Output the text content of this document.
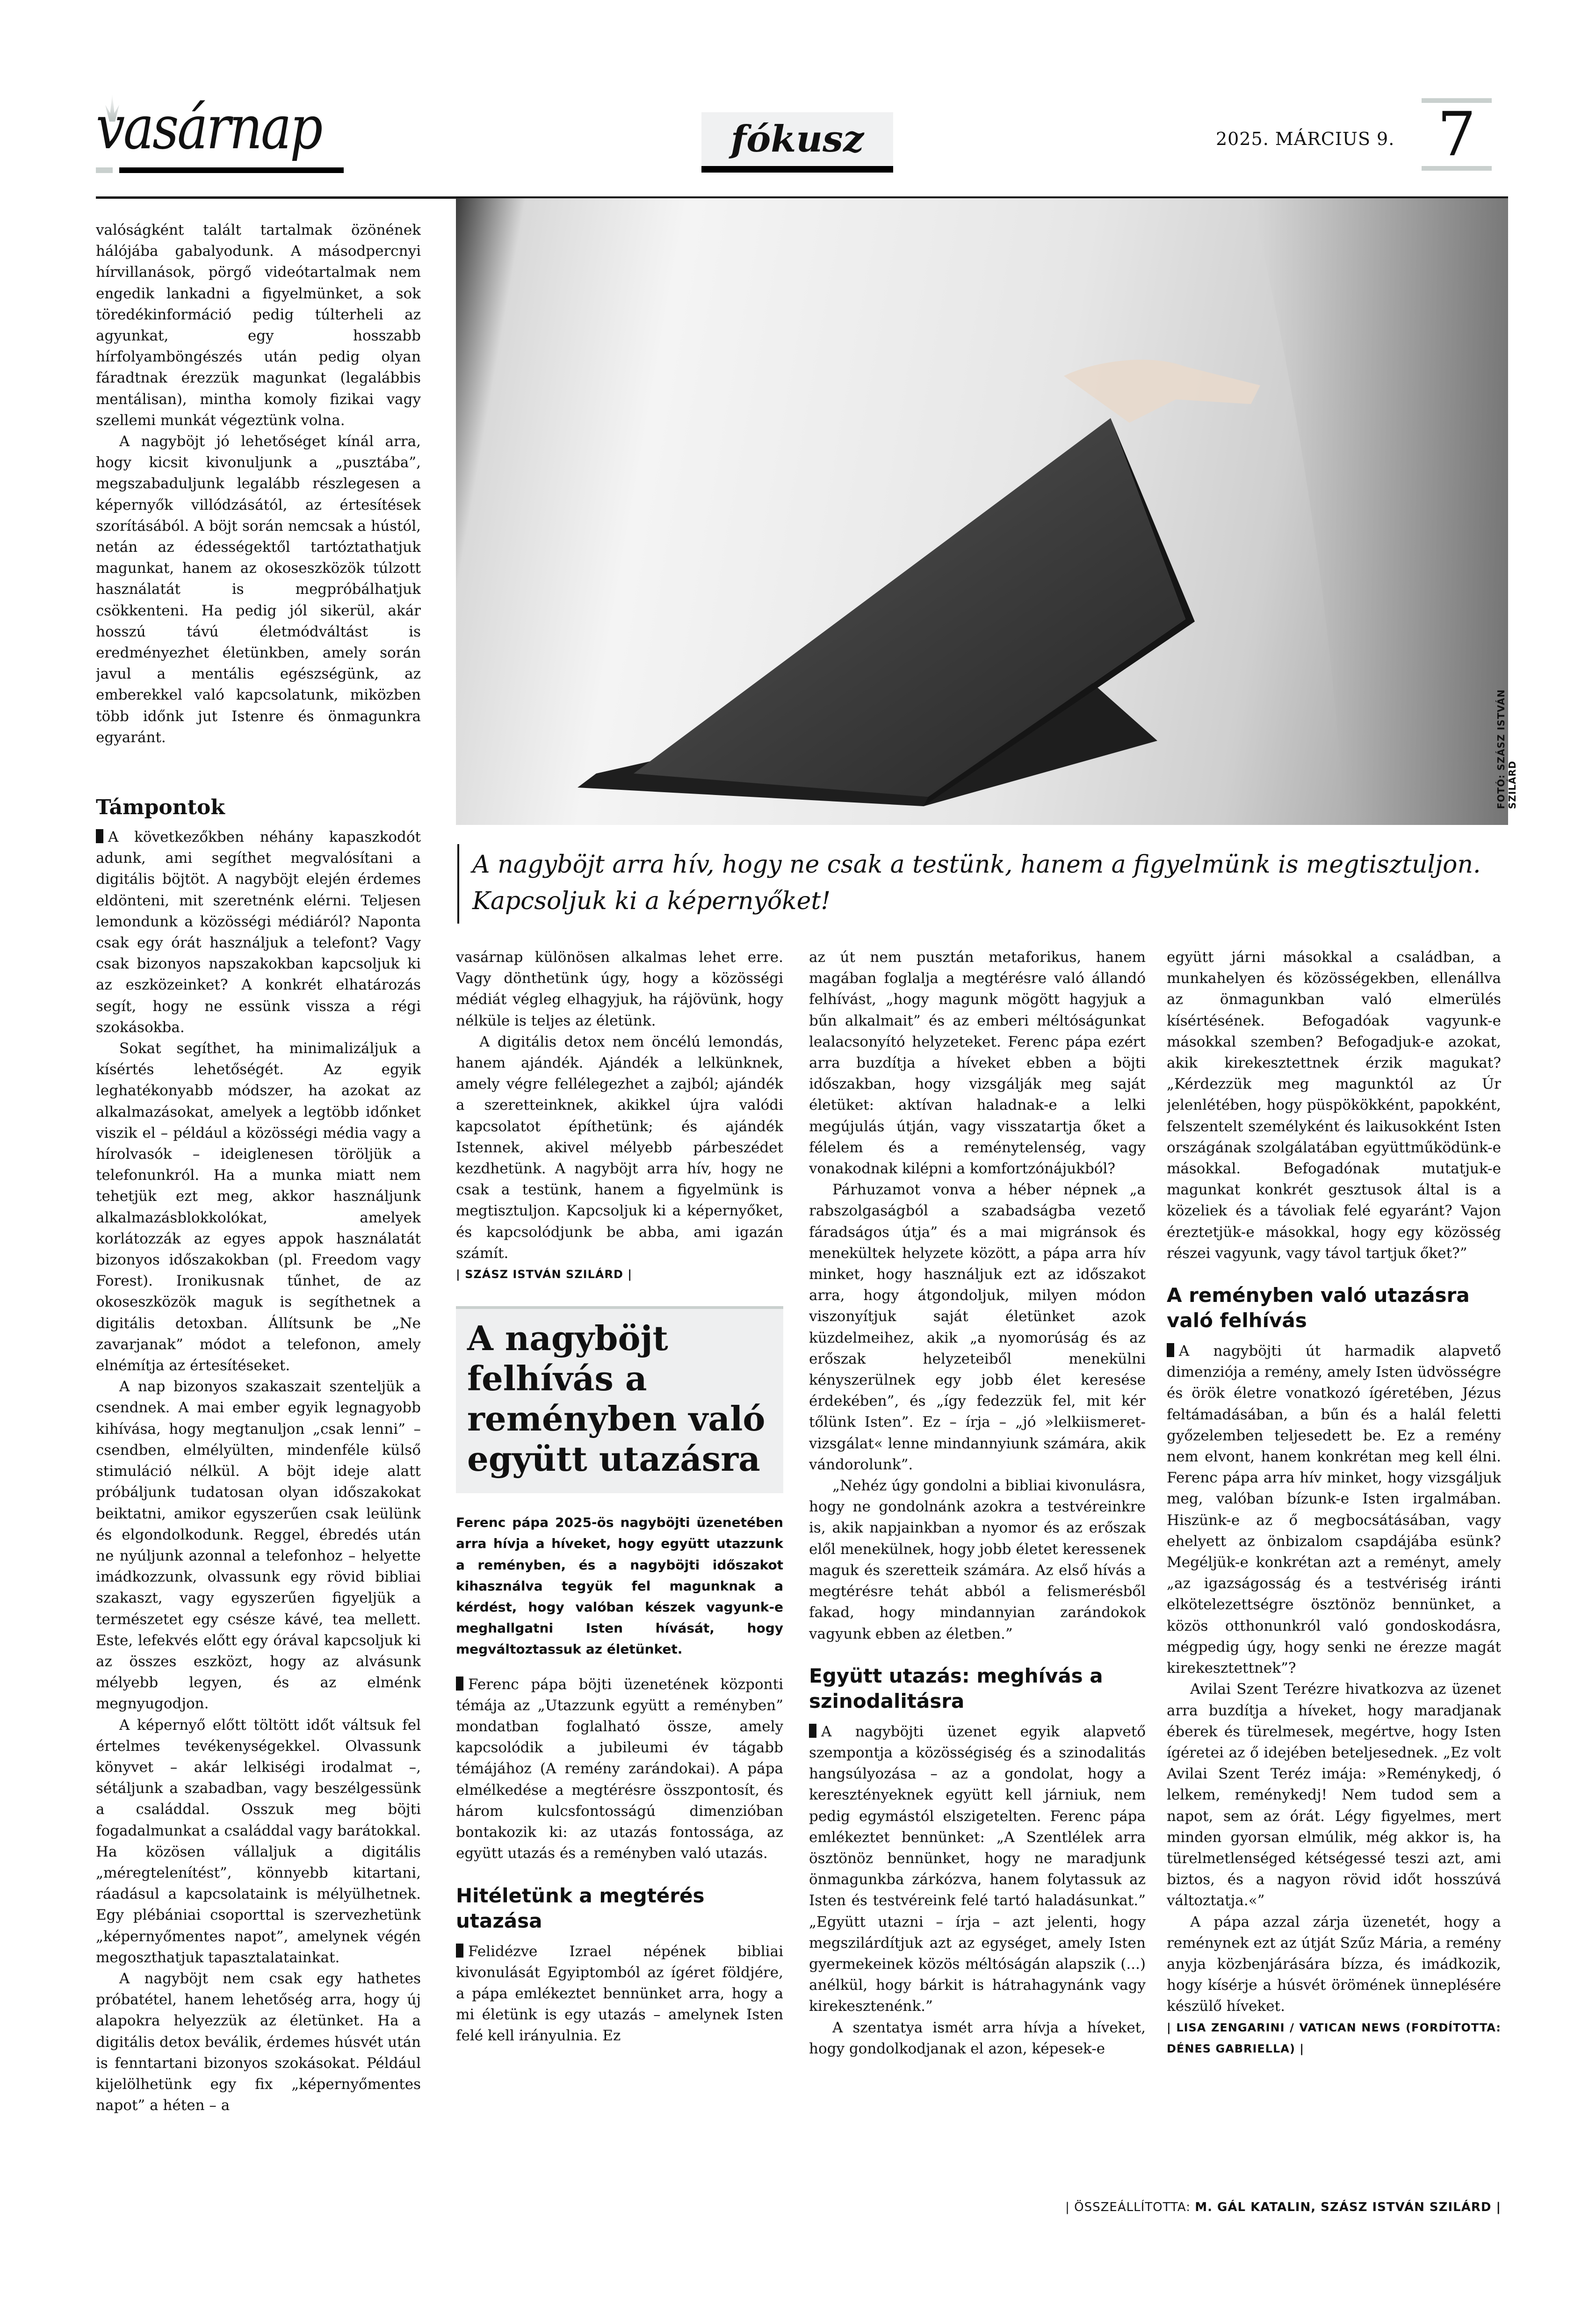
vasárnap	fókusz	2025. MÁRCIUS 9. 7
FOTÓ: SZÁSZ ISTVÁN SZILÁRD
A nagyböjt arra hív, hogy ne csak a testünk, hanem a figyelmünk is megtisztuljon. Kapcsoljuk ki a képernyőket!

valóságként talált tartalmak özönének hálójába gabalyodunk. A másodpercnyi hírvillanások, pörgő videótartalmak nem engedik lankadni a figyelmünket, a sok töredékinformáció pedig túlterheli az agyunkat, egy hosszabb hírfolyamböngészés után pedig olyan fáradtnak érezzük magunkat (legalábbis mentálisan), mintha komoly fizikai vagy szellemi munkát végeztünk volna.

A nagyböjt jó lehetőséget kínál arra, hogy kicsit kivonuljunk a „pusztába”, megszabaduljunk legalább részlegesen a képernyők villódzásától, az értesítések szorításából. A böjt során nemcsak a hústól, netán az édességektől tartóztathatjuk magunkat, hanem az okoseszközök túlzott használatát is megpróbálhatjuk csökkenteni. Ha pedig jól sikerül, akár hosszú távú életmódváltást is eredményezhet életünkben, amely során javul a mentális egészségünk, az emberekkel való kapcsolatunk, miközben több időnk jut Istenre és önmagunkra egyaránt.

Támpontok

A következőkben néhány kapaszkodót adunk, ami segíthet megvalósítani a digitális böjtöt. A nagyböjt elején érdemes eldönteni, mit szeretnénk elérni. Teljesen lemondunk a közösségi médiáról? Naponta csak egy órát használjuk a telefont? Vagy csak bizonyos napszakokban kapcsoljuk ki az eszközeinket? A konkrét elhatározás segít, hogy ne essünk vissza a régi szokásokba.

Sokat segíthet, ha minimalizáljuk a kísértés lehetőségét. Az egyik leghatékonyabb módszer, ha azokat az alkalmazásokat, amelyek a legtöbb időnket viszik el – például a közösségi média vagy a hírolvasók – ideiglenesen töröljük a telefonunkról. Ha a munka miatt nem tehetjük ezt meg, akkor használjunk alkalmazásblokkolókat, amelyek korlátozzák az egyes appok használatát bizonyos időszakokban (pl. Freedom vagy Forest). Ironikusnak tűnhet, de az okoseszközök maguk is segíthetnek a digitális detoxban. Állítsunk be „Ne zavarjanak” módot a telefonon, amely elnémítja az értesítéseket.

A nap bizonyos szakaszait szenteljük a csendnek. A mai ember egyik legnagyobb kihívása, hogy megtanuljon „csak lenni” – csendben, elmélyülten, mindenféle külső stimuláció nélkül. A böjt ideje alatt próbáljunk tudatosan olyan időszakokat beiktatni, amikor egyszerűen csak leülünk és elgondolkodunk. Reggel, ébredés után ne nyúljunk azonnal a telefonhoz – helyette imádkozzunk, olvassunk egy rövid bibliai szakaszt, vagy egyszerűen figyeljük a természetet egy csésze kávé, tea mellett. Este, lefekvés előtt egy órával kapcsoljuk ki az összes eszközt, hogy az alvásunk mélyebb legyen, és az elménk megnyugodjon.

A képernyő előtt töltött időt váltsuk fel értelmes tevékenységekkel. Olvassunk könyvet – akár lelkiségi irodalmat –, sétáljunk a szabadban, vagy beszélgessünk a családdal. Osszuk meg böjti fogadalmunkat a családdal vagy barátokkal. Ha közösen vállaljuk a digitális „méregtelenítést”, könnyebb kitartani, ráadásul a kapcsolataink is mélyülhetnek. Egy plébániai csoporttal is szervezhetünk „képernyőmentes napot”, amelynek végén megoszthatjuk tapasztalatainkat.

A nagyböjt nem csak egy hathetes próbatétel, hanem lehetőség arra, hogy új alapokra helyezzük az életünket. Ha a digitális detox beválik, érdemes húsvét után is fenntartani bizonyos szokásokat. Például kijelölhetünk egy fix „képernyőmentes napot” a héten – a

vasárnap különösen alkalmas lehet erre. Vagy dönthetünk úgy, hogy a közösségi médiát végleg elhagyjuk, ha rájövünk, hogy nélküle is teljes az életünk.

A digitális detox nem öncélú lemondás, hanem ajándék. Ajándék a lelkünknek, amely végre fellélegezhet a zajból; ajándék a szeretteinknek, akikkel újra valódi kapcsolatot építhetünk; és ajándék Istennek, akivel mélyebb párbeszédet kezdhetünk. A nagyböjt arra hív, hogy ne csak a testünk, hanem a figyelmünk is megtisztuljon. Kapcsoljuk ki a képernyőket, és kapcsolódjunk be abba, ami igazán számít.

| SZÁSZ ISTVÁN SZILÁRD |

A nagyböjt felhívás a reményben való együtt utazásra

Ferenc pápa 2025-ös nagyböjti üzenetében arra hívja a híveket, hogy együtt utazzunk a reményben, és a nagyböjti időszakot kihasználva tegyük fel magunknak a kérdést, hogy valóban készek vagyunk-e meghallgatni Isten hívását, hogy megváltoztassuk az életünket.

Ferenc pápa böjti üzenetének központi témája az „Utazzunk együtt a reményben” mondatban foglalható össze, amely kapcsolódik a jubileumi év tágabb témájához (A remény zarándokai). A pápa elmélkedése a megtérésre összpontosít, és három kulcsfontosságú dimenzióban bontakozik ki: az utazás fontossága, az együtt utazás és a reményben való utazás.

Hitéletünk a megtérés utazása

Felidézve Izrael népének bibliai kivonulását Egyiptomból az ígéret földjére, a pápa emlékeztet bennünket arra, hogy a mi életünk is egy utazás – amelynek Isten felé kell irányulnia. Ez

az út nem pusztán metaforikus, hanem magában foglalja a megtérésre való állandó felhívást, „hogy magunk mögött hagyjuk a bűn alkalmait” és az emberi méltóságunkat lealacsonyító helyzeteket. Ferenc pápa ezért arra buzdítja a híveket ebben a böjti időszakban, hogy vizsgálják meg saját életüket: aktívan haladnak-e a lelki megújulás útján, vagy visszatartja őket a félelem és a reménytelenség, vagy vonakodnak kilépni a komfortzónájukból?

Párhuzamot vonva a héber népnek „a rabszolgaságból a szabadságba vezető fáradságos útja” és a mai migránsok és menekültek helyzete között, a pápa arra hív minket, hogy használjuk ezt az időszakot arra, hogy átgondoljuk, milyen módon viszonyítjuk saját életünket azok küzdelmeihez, akik „a nyomorúság és az erőszak helyzeteiből menekülni kényszerülnek egy jobb élet keresése érdekében”, és „így fedezzük fel, mit kér tőlünk Isten”. Ez – írja – „jó »lelkiismeret-vizsgálat« lenne mindannyiunk számára, akik vándorolunk”.

„Nehéz úgy gondolni a bibliai kivonulásra, hogy ne gondolnánk azokra a testvéreinkre is, akik napjainkban a nyomor és az erőszak elől menekülnek, hogy jobb életet keressenek maguk és szeretteik számára. Az első hívás a megtérésre tehát abból a felismerésből fakad, hogy mindannyian zarándokok vagyunk ebben az életben.”

Együtt utazás: meghívás a szinodalitásra

A nagyböjti üzenet egyik alapvető szempontja a közösségiség és a szinodalitás hangsúlyozása – az a gondolat, hogy a keresztényeknek együtt kell járniuk, nem pedig egymástól elszigetelten. Ferenc pápa emlékeztet bennünket: „A Szentlélek arra ösztönöz bennünket, hogy ne maradjunk önmagunkba zárkózva, hanem folytassuk az Isten és testvéreink felé tartó haladásunkat.” „Együtt utazni – írja – azt jelenti, hogy megszilárdítjuk azt az egységet, amely Isten gyermekeinek közös méltóságán alapszik (...) anélkül, hogy bárkit is hátrahagynánk vagy kirekesztenénk.”

A szentatya ismét arra hívja a híveket, hogy gondolkodjanak el azon, képesek-e

együtt járni másokkal a családban, a munkahelyen és közösségekben, ellenállva az önmagunkban való elmerülés kísértésének. Befogadóak vagyunk-e másokkal szemben? Befogadjuk-e azokat, akik kirekesztettnek érzik magukat? „Kérdezzük meg magunktól az Úr jelenlétében, hogy püspökökként, papokként, felszentelt személyként és laikusokként Isten országának szolgálatában együttműködünk-e másokkal. Befogadónak mutatjuk-e magunkat konkrét gesztusok által is a közeliek és a távoliak felé egyaránt? Vajon éreztetjük-e másokkal, hogy egy közösség részei vagyunk, vagy távol tartjuk őket?”

A reményben való utazásra való felhívás

A nagyböjti út harmadik alapvető dimenziója a remény, amely Isten üdvösségre és örök életre vonatkozó ígéretében, Jézus feltámadásában, a bűn és a halál feletti győzelemben teljesedett be. Ez a remény nem elvont, hanem konkrétan meg kell élni. Ferenc pápa arra hív minket, hogy vizsgáljuk meg, valóban bízunk-e Isten irgalmában. Hiszünk-e az ő megbocsátásában, vagy ehelyett az önbizalom csapdájába esünk? Megéljük-e konkrétan azt a reményt, amely „az igazságosság és a testvériség iránti elkötelezettségre ösztönöz bennünket, a közös otthonunkról való gondoskodásra, mégpedig úgy, hogy senki ne érezze magát kirekesztettnek”?

Avilai Szent Terézre hivatkozva az üzenet arra buzdítja a híveket, hogy maradjanak éberek és türelmesek, megértve, hogy Isten ígéretei az ő idejében beteljesednek. „Ez volt Avilai Szent Teréz imája: »Reménykedj, ó lelkem, reménykedj! Nem tudod sem a napot, sem az órát. Légy figyelmes, mert minden gyorsan elmúlik, még akkor is, ha türelmetlenséged kétségessé teszi azt, ami biztos, és a nagyon rövid időt hosszúvá változtatja.«”

A pápa azzal zárja üzenetét, hogy a reménynek ezt az útját Szűz Mária, a remény anyja közbenjárására bízza, és imádkozik, hogy kísérje a húsvét örömének ünneplésére készülő híveket.

| LISA ZENGARINI / VATICAN NEWS (FORDÍTOTTA: DÉNES GABRIELLA) |

| ÖSSZEÁLLÍTOTTA: M. GÁL KATALIN, SZÁSZ ISTVÁN SZILÁRD |
